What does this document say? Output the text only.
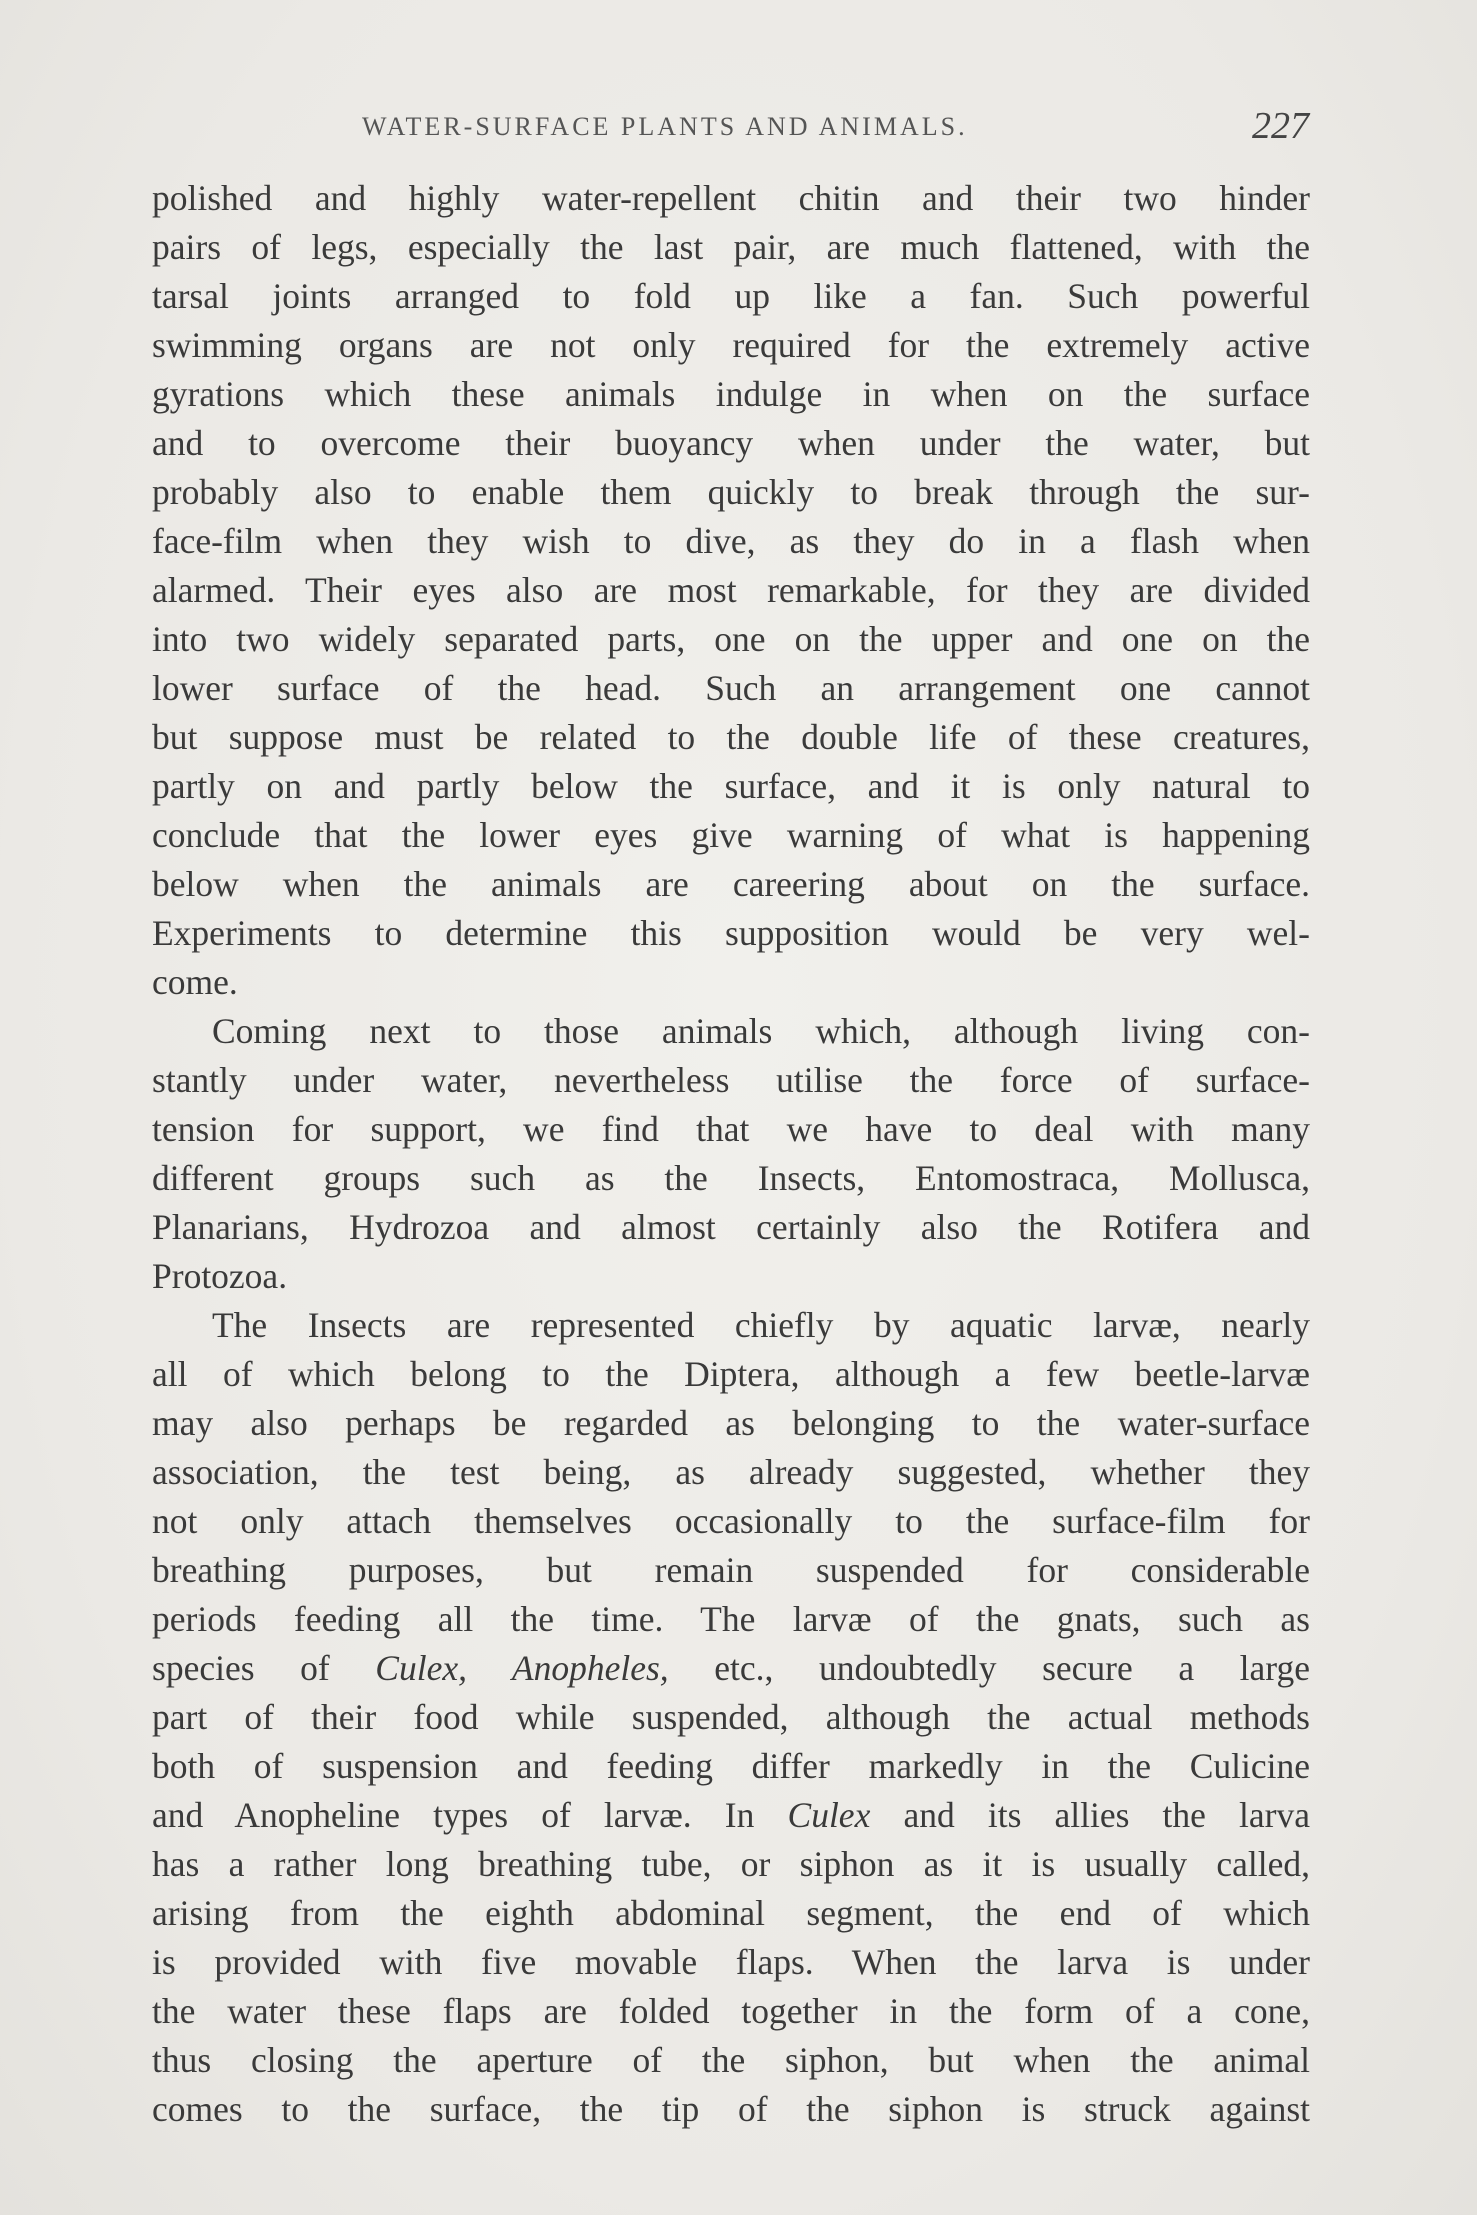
WATER-SURFACE PLANTS AND ANIMALS.	227
polished and highly water-repellent chitin and their two hinder
pairs of legs, especially the last pair, are much flattened, with the
tarsal joints arranged to fold up like a fan. Such powerful
swimming organs are not only required for the extremely active
gyrations which these animals indulge in when on the surface
and to overcome their buoyancy when under the water, but
probably also to enable them quickly to break through the sur-
face-film when they wish to dive, as they do in a flash when
alarmed. Their eyes also are most remarkable, for they are divided
into two widely separated parts, one on the upper and one on the
lower surface of the head. Such an arrangement one cannot
but suppose must be related to the double life of these creatures,
partly on and partly below the surface, and it is only natural to
conclude that the lower eyes give warning of what is happening
below when the animals are careering about on the surface.
Experiments to determine this supposition would be very wel-
come.
Coming next to those animals which, although living con-
stantly under water, nevertheless utilise the force of surface-
tension for support, we find that we have to deal with many
different groups such as the Insects, Entomostraca, Mollusca,
Planarians, Hydrozoa and almost certainly also the Rotifera and
Protozoa.
The Insects are represented chiefly by aquatic larvæ, nearly
all of which belong to the Diptera, although a few beetle-larvæ
may also perhaps be regarded as belonging to the water-surface
association, the test being, as already suggested, whether they
not only attach themselves occasionally to the surface-film for
breathing purposes, but remain suspended for considerable
periods feeding all the time. The larvæ of the gnats, such as
species of Culex, Anopheles, etc., undoubtedly secure a large
part of their food while suspended, although the actual methods
both of suspension and feeding differ markedly in the Culicine
and Anopheline types of larvæ. In Culex and its allies the larva
has a rather long breathing tube, or siphon as it is usually called,
arising from the eighth abdominal segment, the end of which
is provided with five movable flaps. When the larva is under
the water these flaps are folded together in the form of a cone,
thus closing the aperture of the siphon, but when the animal
comes to the surface, the tip of the siphon is struck against
